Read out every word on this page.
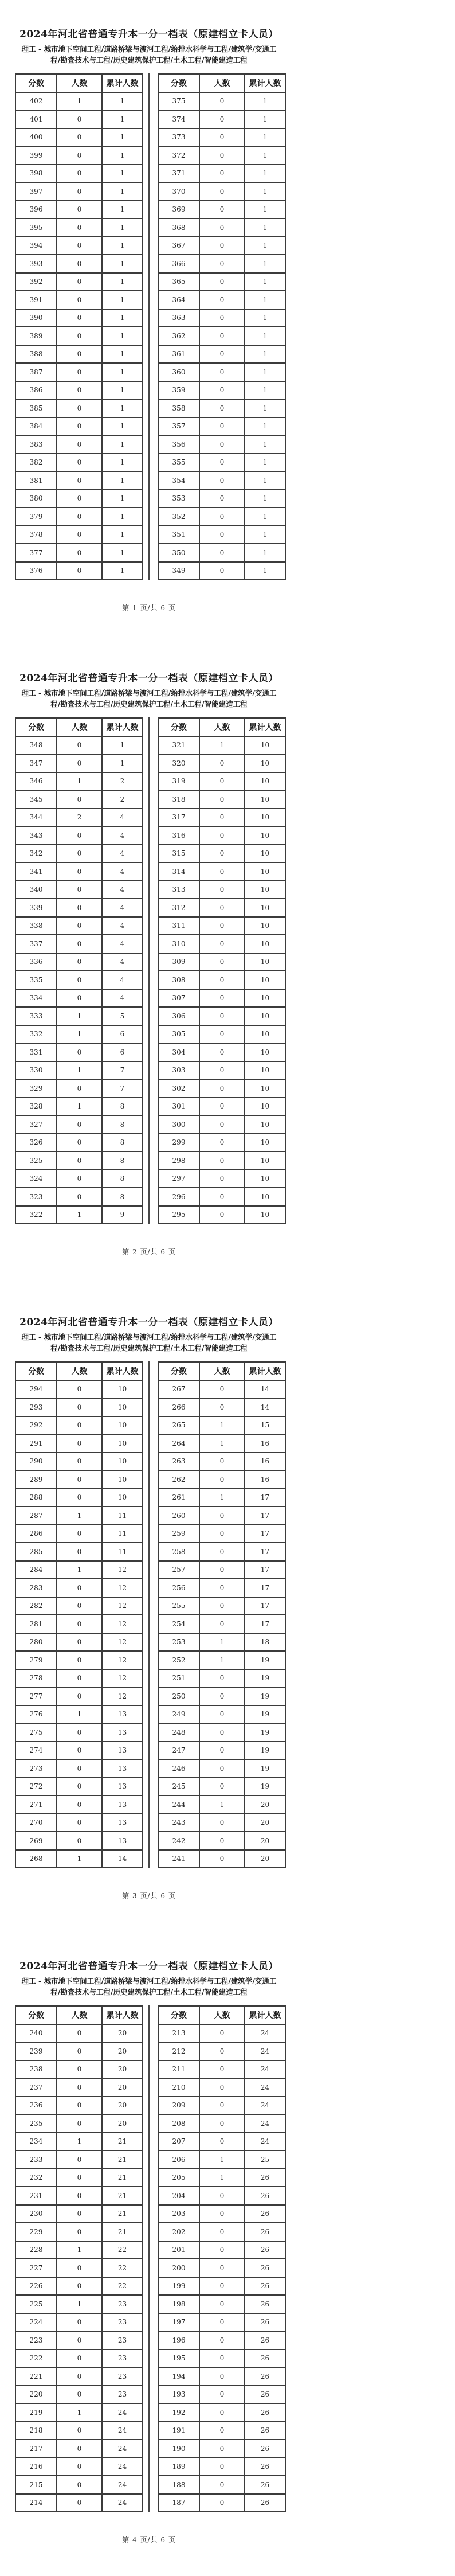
2024年河北省普通专升本一分一档表（原建档立卡人员）
理工 - 城市地下空间工程/道路桥梁与渡河工程/给排水科学与工程/建筑学/交通工程/勘查技术与工程/历史建筑保护工程/土木工程/智能建造工程
分数	人数	累计人数
402	1	1
401	0	1
400	0	1
399	0	1
398	0	1
397	0	1
396	0	1
395	0	1
394	0	1
393	0	1
392	0	1
391	0	1
390	0	1
389	0	1
388	0	1
387	0	1
386	0	1
385	0	1
384	0	1
383	0	1
382	0	1
381	0	1
380	0	1
379	0	1
378	0	1
377	0	1
376	0	1
分数	人数	累计人数
375	0	1
374	0	1
373	0	1
372	0	1
371	0	1
370	0	1
369	0	1
368	0	1
367	0	1
366	0	1
365	0	1
364	0	1
363	0	1
362	0	1
361	0	1
360	0	1
359	0	1
358	0	1
357	0	1
356	0	1
355	0	1
354	0	1
353	0	1
352	0	1
351	0	1
350	0	1
349	0	1
第 1 页/共 6 页
2024年河北省普通专升本一分一档表（原建档立卡人员）
理工 - 城市地下空间工程/道路桥梁与渡河工程/给排水科学与工程/建筑学/交通工程/勘查技术与工程/历史建筑保护工程/土木工程/智能建造工程
分数	人数	累计人数
348	0	1
347	0	1
346	1	2
345	0	2
344	2	4
343	0	4
342	0	4
341	0	4
340	0	4
339	0	4
338	0	4
337	0	4
336	0	4
335	0	4
334	0	4
333	1	5
332	1	6
331	0	6
330	1	7
329	0	7
328	1	8
327	0	8
326	0	8
325	0	8
324	0	8
323	0	8
322	1	9
分数	人数	累计人数
321	1	10
320	0	10
319	0	10
318	0	10
317	0	10
316	0	10
315	0	10
314	0	10
313	0	10
312	0	10
311	0	10
310	0	10
309	0	10
308	0	10
307	0	10
306	0	10
305	0	10
304	0	10
303	0	10
302	0	10
301	0	10
300	0	10
299	0	10
298	0	10
297	0	10
296	0	10
295	0	10
第 2 页/共 6 页
2024年河北省普通专升本一分一档表（原建档立卡人员）
理工 - 城市地下空间工程/道路桥梁与渡河工程/给排水科学与工程/建筑学/交通工程/勘查技术与工程/历史建筑保护工程/土木工程/智能建造工程
分数	人数	累计人数
294	0	10
293	0	10
292	0	10
291	0	10
290	0	10
289	0	10
288	0	10
287	1	11
286	0	11
285	0	11
284	1	12
283	0	12
282	0	12
281	0	12
280	0	12
279	0	12
278	0	12
277	0	12
276	1	13
275	0	13
274	0	13
273	0	13
272	0	13
271	0	13
270	0	13
269	0	13
268	1	14
分数	人数	累计人数
267	0	14
266	0	14
265	1	15
264	1	16
263	0	16
262	0	16
261	1	17
260	0	17
259	0	17
258	0	17
257	0	17
256	0	17
255	0	17
254	0	17
253	1	18
252	1	19
251	0	19
250	0	19
249	0	19
248	0	19
247	0	19
246	0	19
245	0	19
244	1	20
243	0	20
242	0	20
241	0	20
第 3 页/共 6 页
2024年河北省普通专升本一分一档表（原建档立卡人员）
理工 - 城市地下空间工程/道路桥梁与渡河工程/给排水科学与工程/建筑学/交通工程/勘查技术与工程/历史建筑保护工程/土木工程/智能建造工程
分数	人数	累计人数
240	0	20
239	0	20
238	0	20
237	0	20
236	0	20
235	0	20
234	1	21
233	0	21
232	0	21
231	0	21
230	0	21
229	0	21
228	1	22
227	0	22
226	0	22
225	1	23
224	0	23
223	0	23
222	0	23
221	0	23
220	0	23
219	1	24
218	0	24
217	0	24
216	0	24
215	0	24
214	0	24
分数	人数	累计人数
213	0	24
212	0	24
211	0	24
210	0	24
209	0	24
208	0	24
207	0	24
206	1	25
205	1	26
204	0	26
203	0	26
202	0	26
201	0	26
200	0	26
199	0	26
198	0	26
197	0	26
196	0	26
195	0	26
194	0	26
193	0	26
192	0	26
191	0	26
190	0	26
189	0	26
188	0	26
187	0	26
第 4 页/共 6 页
